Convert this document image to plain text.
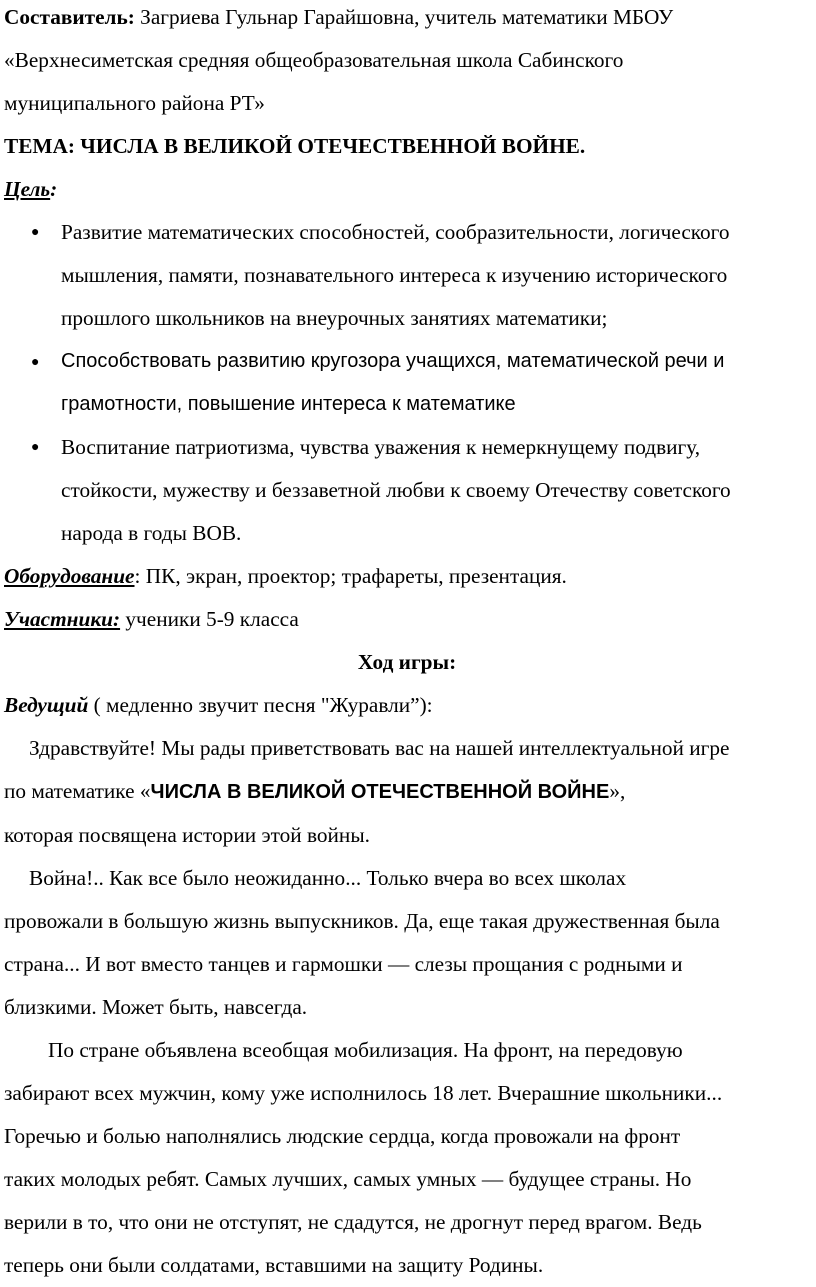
Составитель: Загриева Гульнар Гарайшовна, учитель математики МБОУ
«Верхнесиметская средняя общеобразовательная школа Сабинского
муниципального района РТ»

ТЕМА: ЧИСЛА В ВЕЛИКОЙ ОТЕЧЕСТВЕННОЙ ВОЙНЕ.

Цель:

● Развитие математических способностей, сообразительности, логического
мышления, памяти, познавательного интереса к изучению исторического
прошлого школьников на внеурочных занятиях математики;
● Способствовать развитию кругозора учащихся, математической речи и
грамотности, повышение интереса к математике
● Воспитание патриотизма, чувства уважения к немеркнущему подвигу,
стойкости, мужеству и беззаветной любви к своему Отечеству советского
народа в годы ВОВ.

Оборудование: ПК, экран, проектор; трафареты, презентация.

Участники: ученики 5-9 класса

Ход игры:

Ведущий ( медленно звучит песня "Журавли”):

Здравствуйте! Мы рады приветствовать вас на нашей интеллектуальной игре
по математике «ЧИСЛА В ВЕЛИКОЙ ОТЕЧЕСТВЕННОЙ ВОЙНЕ»,
которая посвящена истории этой войны.

Война!.. Как все было неожиданно... Только вчера во всех школах
провожали в большую жизнь выпускников. Да, еще такая дружественная была
страна... И вот вместо танцев и гармошки — слезы прощания с родными и
близкими. Может быть, навсегда.

По стране объявлена всеобщая мобилизация. На фронт, на передовую
забирают всех мужчин, кому уже исполнилось 18 лет. Вчерашние школьники...
Горечью и болью наполнялись людские сердца, когда провожали на фронт
таких молодых ребят. Самых лучших, самых умных — будущее страны. Но
верили в то, что они не отступят, не сдадутся, не дрогнут перед врагом. Ведь
теперь они были солдатами, вставшими на защиту Родины.
